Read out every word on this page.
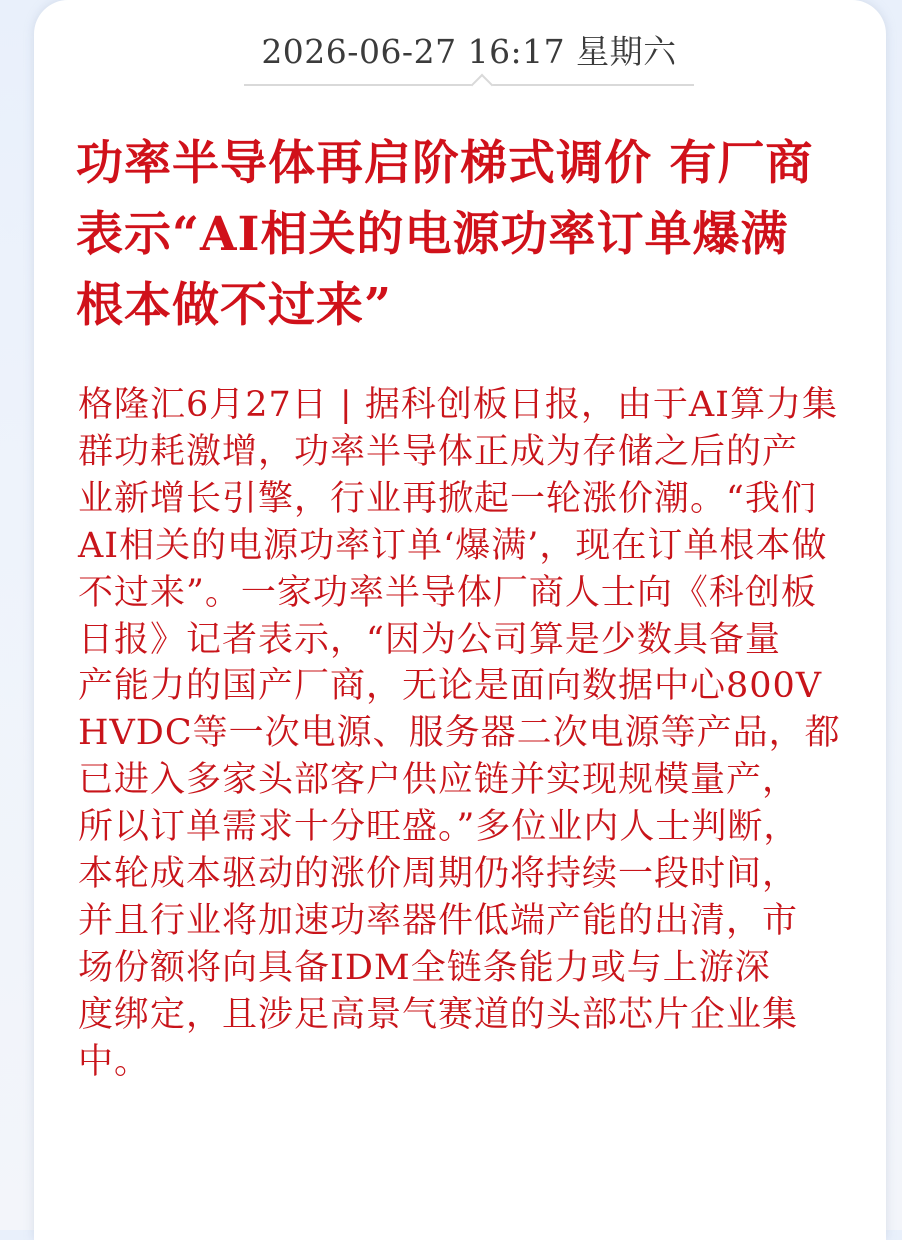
2026-06-27 16:17 星期六
功率半导体再启阶梯式调价 有厂商
表示“AI相关的电源功率订单爆满
根本做不过来”
格隆汇6月27日 | 据科创板日报，由于AI算力集
群功耗激增，功率半导体正成为存储之后的产
业新增长引擎，行业再掀起一轮涨价潮。“我们
AI相关的电源功率订单‘爆满’，现在订单根本做
不过来”。一家功率半导体厂商人士向《科创板
日报》记者表示，“因为公司算是少数具备量
产能力的国产厂商，无论是面向数据中心800V
HVDC等一次电源、服务器二次电源等产品，都
已进入多家头部客户供应链并实现规模量产，
所以订单需求十分旺盛。”多位业内人士判断，
本轮成本驱动的涨价周期仍将持续一段时间，
并且行业将加速功率器件低端产能的出清，市
场份额将向具备IDM全链条能力或与上游深
度绑定，且涉足高景气赛道的头部芯片企业集
中。
